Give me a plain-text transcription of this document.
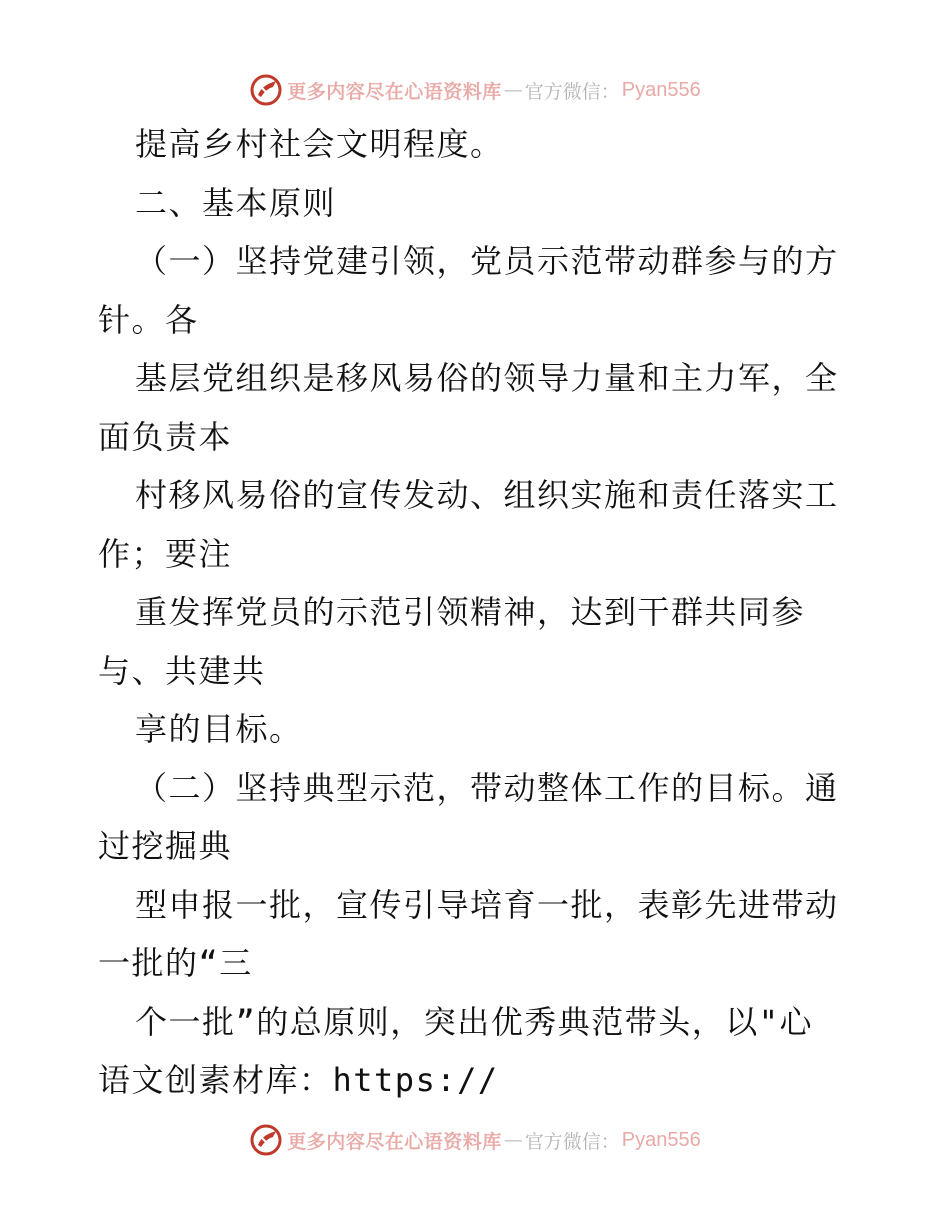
更多内容尽在心语资料库 — 官方微信： Pyan556
提高乡村社会文明程度。
二、基本原则
（一）坚持党建引领，党员示范带动群参与的方
针。各
基层党组织是移风易俗的领导力量和主力军，全
面负责本
村移风易俗的宣传发动、组织实施和责任落实工
作；要注
重发挥党员的示范引领精神，达到干群共同参
与、共建共
享的目标。
（二）坚持典型示范，带动整体工作的目标。通
过挖掘典
型申报一批，宣传引导培育一批，表彰先进带动
一批的“三
个一批”的总原则，突出优秀典范带头，以"心
语文创素材库：https://
更多内容尽在心语资料库 — 官方微信： Pyan556
